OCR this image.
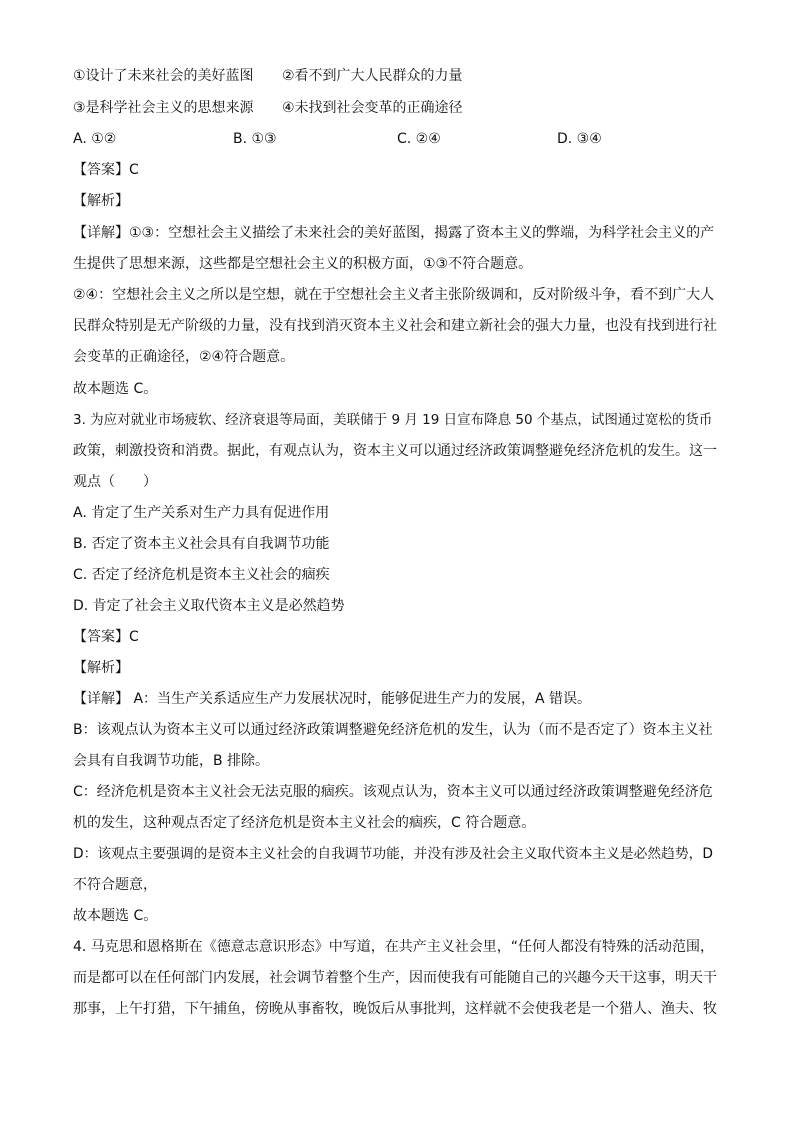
①设计了未来社会的美好蓝图 ②看不到广大人民群众的力量
③是科学社会主义的思想来源 ④未找到社会变革的正确途径
A. ①②	B. ①③	C. ②④	D. ③④
【答案】C
【解析】
【详解】①③：空想社会主义描绘了未来社会的美好蓝图，揭露了资本主义的弊端，为科学社会主义的产
生提供了思想来源，这些都是空想社会主义的积极方面，①③不符合题意。
②④：空想社会主义之所以是空想，就在于空想社会主义者主张阶级调和，反对阶级斗争，看不到广大人
民群众特别是无产阶级的力量，没有找到消灭资本主义社会和建立新社会的强大力量，也没有找到进行社
会变革的正确途径，②④符合题意。
故本题选 C。
3. 为应对就业市场疲软、经济衰退等局面，美联储于 9 月 19 日宣布降息 50 个基点，试图通过宽松的货币
政策，刺激投资和消费。据此，有观点认为，资本主义可以通过经济政策调整避免经济危机的发生。这一
观点（　　）
A. 肯定了生产关系对生产力具有促进作用
B. 否定了资本主义社会具有自我调节功能
C. 否定了经济危机是资本主义社会的痼疾
D. 肯定了社会主义取代资本主义是必然趋势
【答案】C
【解析】
【详解】 A：当生产关系适应生产力发展状况时，能够促进生产力的发展，A 错误。
B：该观点认为资本主义可以通过经济政策调整避免经济危机的发生，认为（而不是否定了）资本主义社
会具有自我调节功能，B 排除。
C：经济危机是资本主义社会无法克服的痼疾。该观点认为，资本主义可以通过经济政策调整避免经济危
机的发生，这种观点否定了经济危机是资本主义社会的痼疾，C 符合题意。
D：该观点主要强调的是资本主义社会的自我调节功能，并没有涉及社会主义取代资本主义是必然趋势，D
不符合题意，
故本题选 C。
4. 马克思和恩格斯在《德意志意识形态》中写道，在共产主义社会里，“任何人都没有特殊的活动范围，
而是都可以在任何部门内发展，社会调节着整个生产，因而使我有可能随自己的兴趣今天干这事，明天干
那事，上午打猎，下午捕鱼，傍晚从事畜牧，晚饭后从事批判，这样就不会使我老是一个猎人、渔夫、牧
